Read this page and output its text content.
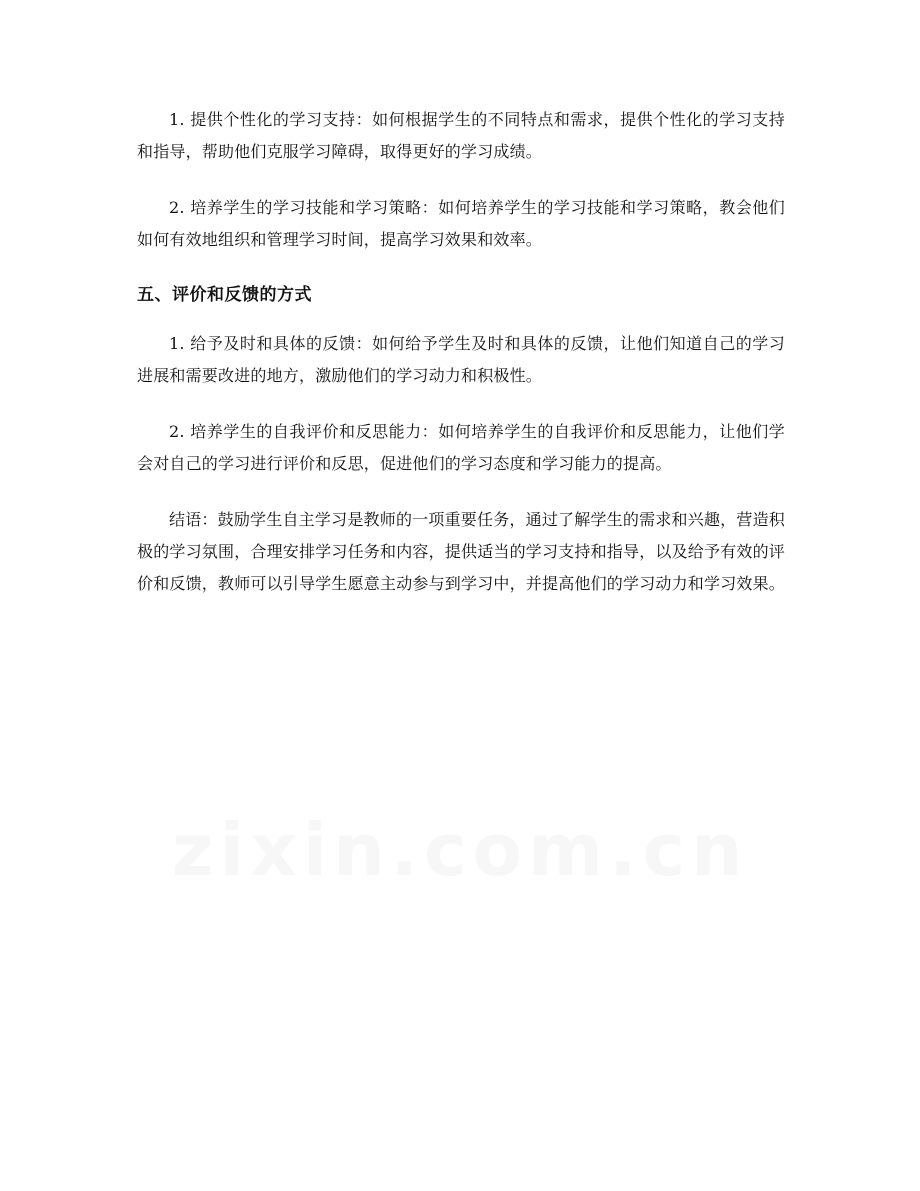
1. 提供个性化的学习支持：如何根据学生的不同特点和需求，提供个性化的学习支持和指导，帮助他们克服学习障碍，取得更好的学习成绩。

2. 培养学生的学习技能和学习策略：如何培养学生的学习技能和学习策略，教会他们如何有效地组织和管理学习时间，提高学习效果和效率。

五、评价和反馈的方式

1. 给予及时和具体的反馈：如何给予学生及时和具体的反馈，让他们知道自己的学习进展和需要改进的地方，激励他们的学习动力和积极性。

2. 培养学生的自我评价和反思能力：如何培养学生的自我评价和反思能力，让他们学会对自己的学习进行评价和反思，促进他们的学习态度和学习能力的提高。

结语：鼓励学生自主学习是教师的一项重要任务，通过了解学生的需求和兴趣，营造积极的学习氛围，合理安排学习任务和内容，提供适当的学习支持和指导，以及给予有效的评价和反馈，教师可以引导学生愿意主动参与到学习中，并提高他们的学习动力和学习效果。

zixin.com.cn
